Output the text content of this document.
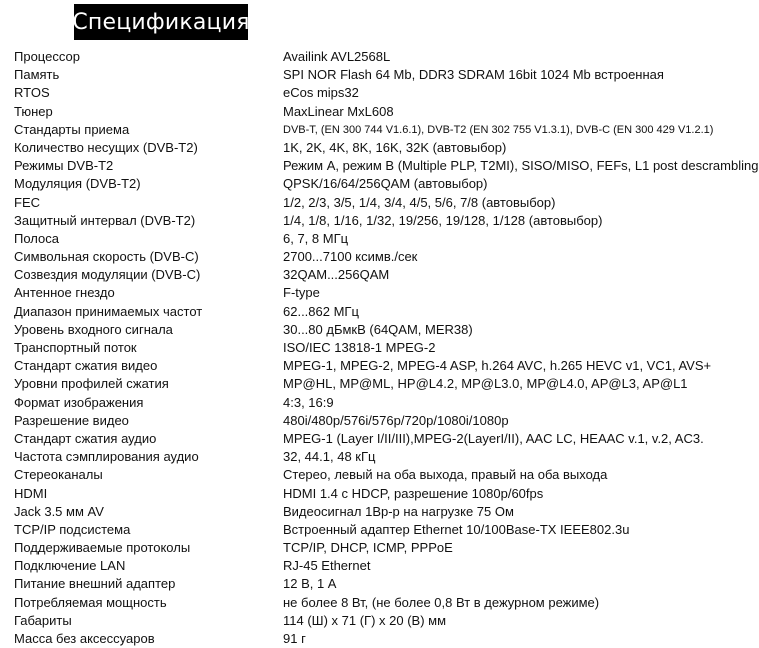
Спецификация
Процессор	Availink AVL2568L
Память	SPI NOR Flash 64 Mb, DDR3 SDRAM 16bit 1024 Mb встроенная
RTOS	eCos mips32
Тюнер	MaxLinear MxL608
Стандарты приема	DVB-T, (EN 300 744 V1.6.1), DVB-T2 (EN 302 755 V1.3.1), DVB-C (EN 300 429 V1.2.1)
Количество несущих (DVB-T2)	1K, 2K, 4K, 8K, 16K, 32K (автовыбор)
Режимы DVB-T2	Режим А, режим В (Multiple PLP, T2MI), SISO/MISO, FEFs, L1 post descrambling
Модуляция (DVB-T2)	QPSK/16/64/256QAM (автовыбор)
FEC	1/2, 2/3, 3/5, 1/4, 3/4, 4/5, 5/6, 7/8 (автовыбор)
Защитный интервал (DVB-T2)	1/4, 1/8, 1/16, 1/32, 19/256, 19/128, 1/128 (автовыбор)
Полоса	6, 7, 8 МГц
Символьная скорость (DVB-C)	2700...7100 ксимв./сек
Созвездия модуляции (DVB-C)	32QAM...256QAM
Антенное гнездо	F-type
Диапазон принимаемых частот	62...862 МГц
Уровень входного сигнала	30...80 дБмкВ (64QAM, MER38)
Транспортный поток	ISO/IEC 13818-1 MPEG-2
Стандарт сжатия видео	MPEG-1, MPEG-2, MPEG-4 ASP, h.264 AVC, h.265 HEVC v1, VC1, AVS+
Уровни профилей сжатия	MP@HL, MP@ML, HP@L4.2, MP@L3.0, MP@L4.0, AP@L3, AP@L1
Формат изображения	4:3, 16:9
Разрешение видео	480i/480p/576i/576p/720p/1080i/1080p
Стандарт сжатия аудио	MPEG-1 (Layer I/II/III),MPEG-2(LayerI/II), AAC LC, HEAAC v.1, v.2, AC3.
Частота сэмплирования аудио	32, 44.1, 48 кГц
Стереоканалы	Стерео, левый на оба выхода, правый на оба выхода
HDMI	HDMI 1.4 с HDCP, разрешение 1080p/60fps
Jack 3.5 мм AV	Видеосигнал 1Вр-р на нагрузке 75 Ом
TCP/IP подсистема	Встроенный адаптер Ethernet 10/100Base-TX IEEE802.3u
Поддерживаемые протоколы	TCP/IP, DHCP, ICMP, PPPoE
Подключение LAN	RJ-45 Ethernet
Питание внешний адаптер	12 В, 1 А
Потребляемая мощность	не более 8 Вт, (не более 0,8 Вт в дежурном режиме)
Габариты	114 (Ш) x 71 (Г) x 20 (В) мм
Масса без аксессуаров	91 г
